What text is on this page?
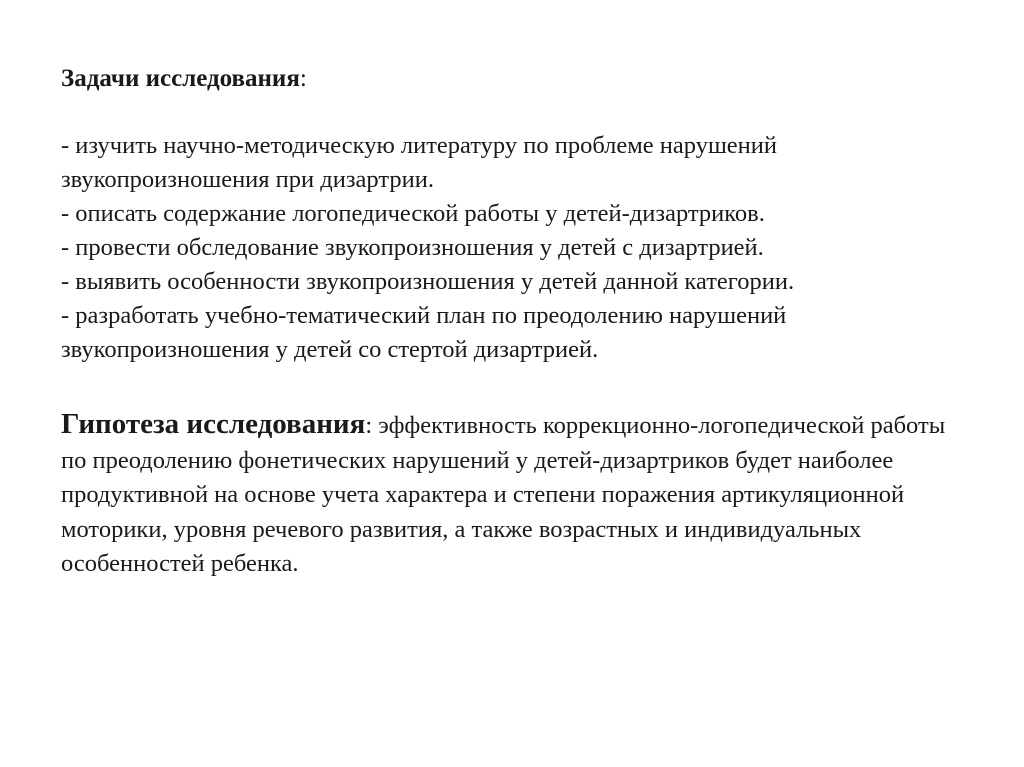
Задачи исследования:

- изучить научно-методическую литературу по проблеме нарушений звукопроизношения при дизартрии.
- описать содержание логопедической работы у детей-дизартриков.
- провести обследование звукопроизношения у детей с дизартрией.
- выявить особенности звукопроизношения у детей данной категории.
- разработать учебно-тематический план по преодолению нарушений звукопроизношения у детей со стертой дизартрией.

Гипотеза исследования: эффективность коррекционно-логопедической работы по преодолению фонетических нарушений у детей-дизартриков будет наиболее продуктивной на основе учета характера и степени поражения артикуляционной моторики, уровня речевого развития, а также возрастных и индивидуальных особенностей ребенка.
